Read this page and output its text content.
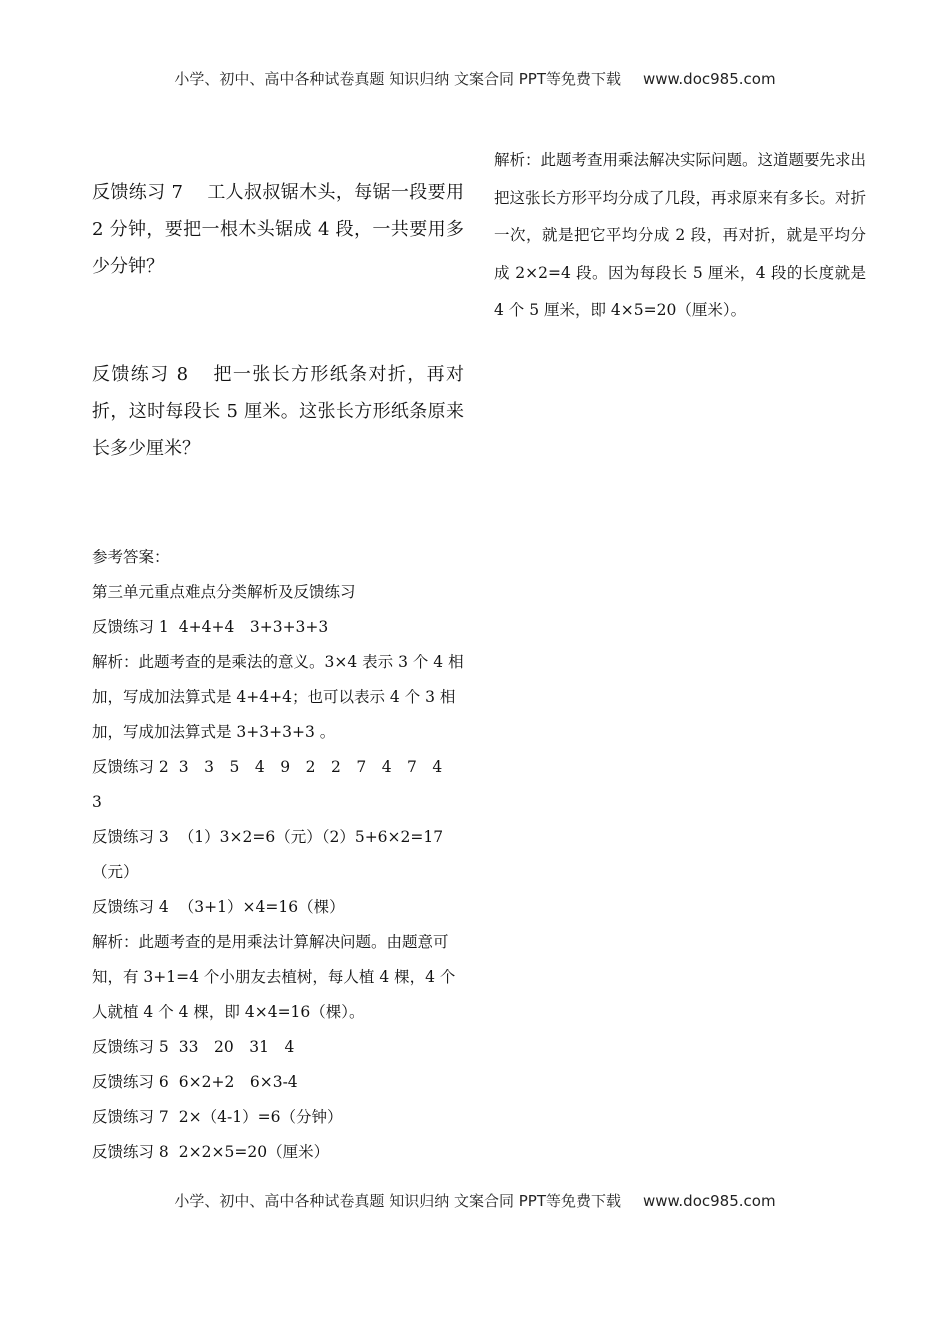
小学、初中、高中各种试卷真题 知识归纳 文案合同 PPT等免费下载 www.doc985.com
反馈练习 7 工人叔叔锯木头，每锯一段要用 2 分钟，要把一根木头锯成 4 段，一共要用多少分钟？
反馈练习 8 把一张长方形纸条对折，再对折，这时每段长 5 厘米。这张长方形纸条原来长多少厘米？

解析：此题考查用乘法解决实际问题。这道题要先求出把这张长方形平均分成了几段，再求原来有多长。对折一次，就是把它平均分成 2 段，再对折，就是平均分成 2×2=4 段。因为每段长 5 厘米，4 段的长度就是 4 个 5 厘米，即 4×5=20（厘米）。

参考答案：

第三单元重点难点分类解析及反馈练习

反馈练习 1 4+4+4　3+3+3+3

解析：此题考查的是乘法的意义。3×4 表示 3 个 4 相加，写成加法算式是 4+4+4；也可以表示 4 个 3 相加，写成加法算式是 3+3+3+3 。

反馈练习 2 3　3　5　4　9　2　2　7　4　7　4　3

反馈练习 3 （1）3×2=6（元）（2）5+6×2=17（元）

反馈练习 4 （3+1）×4=16（棵）

解析：此题考查的是用乘法计算解决问题。由题意可知，有 3+1=4 个小朋友去植树，每人植 4 棵，4 个人就植 4 个 4 棵，即 4×4=16（棵）。

反馈练习 5 33　20　31　4

反馈练习 6 6×2+2　6×3-4

反馈练习 7 2×（4-1）=6（分钟）

反馈练习 8 2×2×5=20（厘米）

小学、初中、高中各种试卷真题 知识归纳 文案合同 PPT等免费下载 www.doc985.com
